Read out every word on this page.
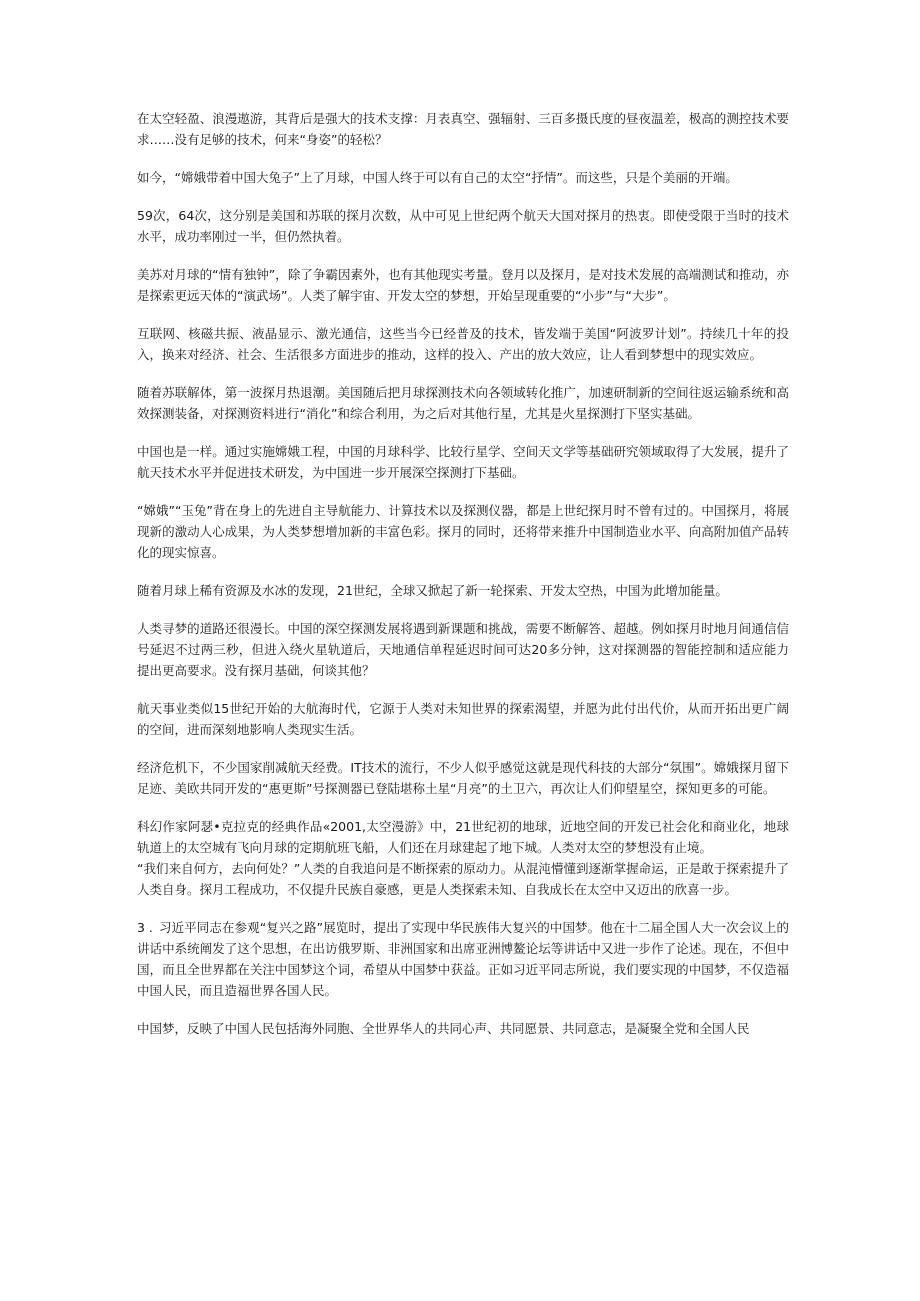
在太空轻盈、浪漫遨游，其背后是强大的技术支撑：月表真空、强辐射、三百多摄氏度的昼夜温差，极高的测控技术要求……没有足够的技术，何来“身姿”的轻松？

如今，“嫦娥带着中国大兔子”上了月球，中国人终于可以有自己的太空“抒情”。而这些，只是个美丽的开端。

59次，64次，这分别是美国和苏联的探月次数，从中可见上世纪两个航天大国对探月的热衷。即使受限于当时的技术水平，成功率刚过一半，但仍然执着。

美苏对月球的“情有独钟”，除了争霸因素外，也有其他现实考量。登月以及探月，是对技术发展的高端测试和推动，亦是探索更远天体的“演武场”。人类了解宇宙、开发太空的梦想，开始呈现重要的“小步”与“大步”。

互联网、核磁共振、液晶显示、激光通信，这些当今已经普及的技术，皆发端于美国“阿波罗计划”。持续几十年的投入，换来对经济、社会、生活很多方面进步的推动，这样的投入、产出的放大效应，让人看到梦想中的现实效应。

随着苏联解体，第一波探月热退潮。美国随后把月球探测技术向各领域转化推广，加速研制新的空间往返运输系统和高效探测装备，对探测资料进行“消化”和综合利用，为之后对其他行星，尤其是火星探测打下坚实基础。

中国也是一样。通过实施嫦娥工程，中国的月球科学、比较行星学、空间天文学等基础研究领域取得了大发展，提升了航天技术水平并促进技术研发，为中国进一步开展深空探测打下基础。

“嫦娥”“玉兔”背在身上的先进自主导航能力、计算技术以及探测仪器，都是上世纪探月时不曾有过的。中国探月，将展现新的激动人心成果，为人类梦想增加新的丰富色彩。探月的同时，还将带来推升中国制造业水平、向高附加值产品转化的现实惊喜。

随着月球上稀有资源及水冰的发现，21世纪，全球又掀起了新一轮探索、开发太空热，中国为此增加能量。

人类寻梦的道路还很漫长。中国的深空探测发展将遇到新课题和挑战，需要不断解答、超越。例如探月时地月间通信信号延迟不过两三秒，但进入绕火星轨道后，天地通信单程延迟时间可达20多分钟，这对探测器的智能控制和适应能力提出更高要求。没有探月基础，何谈其他？

航天事业类似15世纪开始的大航海时代，它源于人类对未知世界的探索渴望，并愿为此付出代价，从而开拓出更广阔的空间，进而深刻地影响人类现实生活。

经济危机下，不少国家削减航天经费。IT技术的流行，不少人似乎感觉这就是现代科技的大部分“氛围”。嫦娥探月留下足迹、美欧共同开发的“惠更斯”号探测器已登陆堪称土星“月亮”的土卫六，再次让人们仰望星空，探知更多的可能。

科幻作家阿瑟•克拉克的经典作品«2001,太空漫游》中，21世纪初的地球，近地空间的开发已社会化和商业化，地球轨道上的太空城有飞向月球的定期航班飞船，人们还在月球建起了地下城。人类对太空的梦想没有止境。

“我们来自何方，去向何处？”人类的自我追问是不断探索的原动力。从混沌懵懂到逐渐掌握命运，正是敢于探索提升了人类自身。探月工程成功，不仅提升民族自豪感，更是人类探索未知、自我成长在太空中又迈出的欣喜一步。

3 . 习近平同志在参观“复兴之路”展览时，提出了实现中华民族伟大复兴的中国梦。他在十二届全国人大一次会议上的讲话中系统阐发了这个思想，在出访俄罗斯、非洲国家和出席亚洲博鳌论坛等讲话中又进一步作了论述。现在，不但中国，而且全世界都在关注中国梦这个词，希望从中国梦中获益。正如习近平同志所说，我们要实现的中国梦，不仅造福中国人民，而且造福世界各国人民。

中国梦，反映了中国人民包括海外同胞、全世界华人的共同心声、共同愿景、共同意志，是凝聚全党和全国人民
